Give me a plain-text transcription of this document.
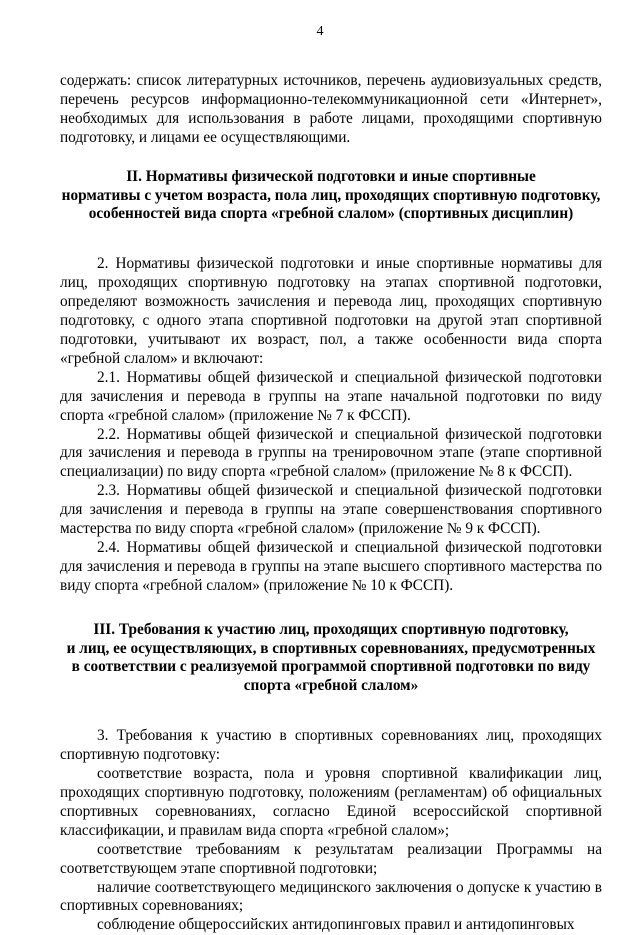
4

содержать: список литературных источников, перечень аудиовизуальных средств, перечень ресурсов информационно-телекоммуникационной сети «Интернет», необходимых для использования в работе лицами, проходящими спортивную подготовку, и лицами ее осуществляющими.

II. Нормативы физической подготовки и иные спортивные
нормативы с учетом возраста, пола лиц, проходящих спортивную подготовку,
особенностей вида спорта «гребной слалом» (спортивных дисциплин)

2. Нормативы физической подготовки и иные спортивные нормативы для лиц, проходящих спортивную подготовку на этапах спортивной подготовки, определяют возможность зачисления и перевода лиц, проходящих спортивную подготовку, с одного этапа спортивной подготовки на другой этап спортивной подготовки, учитывают их возраст, пол, а также особенности вида спорта «гребной слалом» и включают:

2.1. Нормативы общей физической и специальной физической подготовки для зачисления и перевода в группы на этапе начальной подготовки по виду спорта «гребной слалом» (приложение № 7 к ФССП).

2.2. Нормативы общей физической и специальной физической подготовки для зачисления и перевода в группы на тренировочном этапе (этапе спортивной специализации) по виду спорта «гребной слалом» (приложение № 8 к ФССП).

2.3. Нормативы общей физической и специальной физической подготовки для зачисления и перевода в группы на этапе совершенствования спортивного мастерства по виду спорта «гребной слалом» (приложение № 9 к ФССП).

2.4. Нормативы общей физической и специальной физической подготовки для зачисления и перевода в группы на этапе высшего спортивного мастерства по виду спорта «гребной слалом» (приложение № 10 к ФССП).

III. Требования к участию лиц, проходящих спортивную подготовку,
и лиц, ее осуществляющих, в спортивных соревнованиях, предусмотренных
в соответствии с реализуемой программой спортивной подготовки по виду
спорта «гребной слалом»

3. Требования к участию в спортивных соревнованиях лиц, проходящих спортивную подготовку:

соответствие возраста, пола и уровня спортивной квалификации лиц, проходящих спортивную подготовку, положениям (регламентам) об официальных спортивных соревнованиях, согласно Единой всероссийской спортивной классификации, и правилам вида спорта «гребной слалом»;

соответствие требованиям к результатам реализации Программы на соответствующем этапе спортивной подготовки;

наличие соответствующего медицинского заключения о допуске к участию в спортивных соревнованиях;

соблюдение общероссийских антидопинговых правил и антидопинговых
